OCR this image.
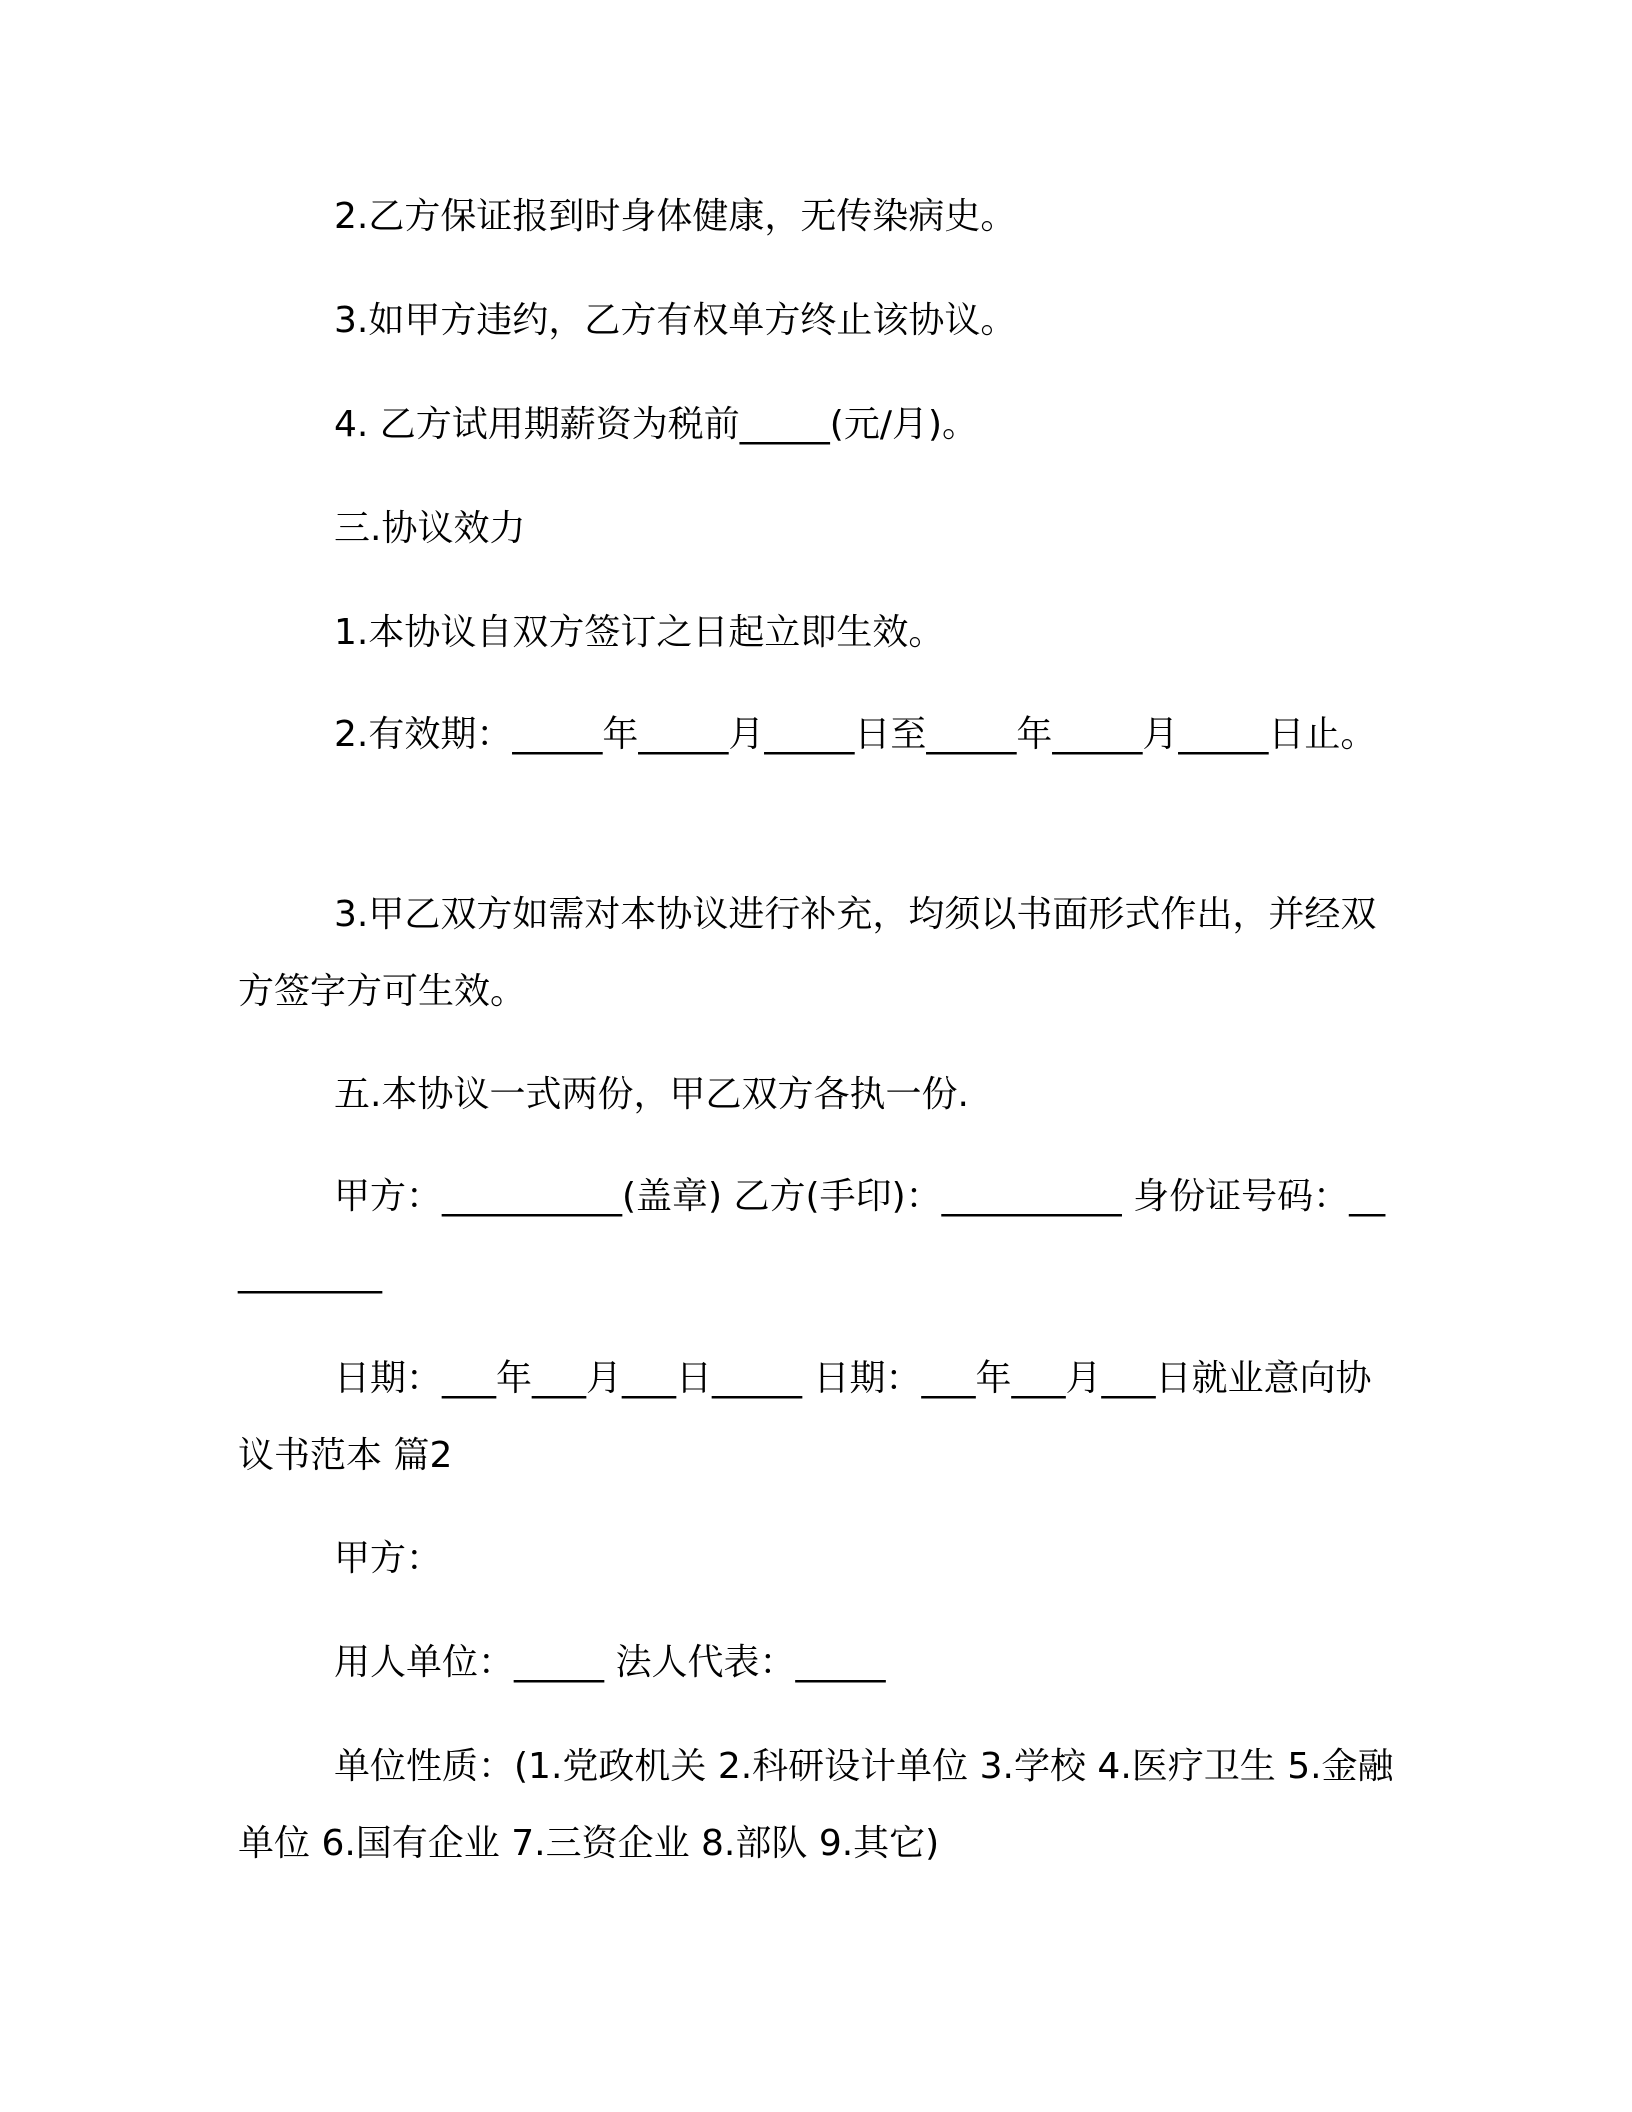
2.乙方保证报到时身体健康，无传染病史。

3.如甲方违约，乙方有权单方终止该协议。

4. 乙方试用期薪资为税前_____(元/月)。

三.协议效力

1.本协议自双方签订之日起立即生效。

2.有效期：_____年_____月_____日至_____年_____月_____日止。

3.甲乙双方如需对本协议进行补充，均须以书面形式作出，并经双方签字方可生效。

五.本协议一式两份，甲乙双方各执一份.

甲方：__________(盖章) 乙方(手印)：__________ 身份证号码：__________

日期：___年___月___日_____ 日期：___年___月___日就业意向协议书范本 篇2

甲方：

用人单位：_____ 法人代表：_____

单位性质：(1.党政机关 2.科研设计单位 3.学校 4.医疗卫生 5.金融单位 6.国有企业 7.三资企业 8.部队 9.其它)
